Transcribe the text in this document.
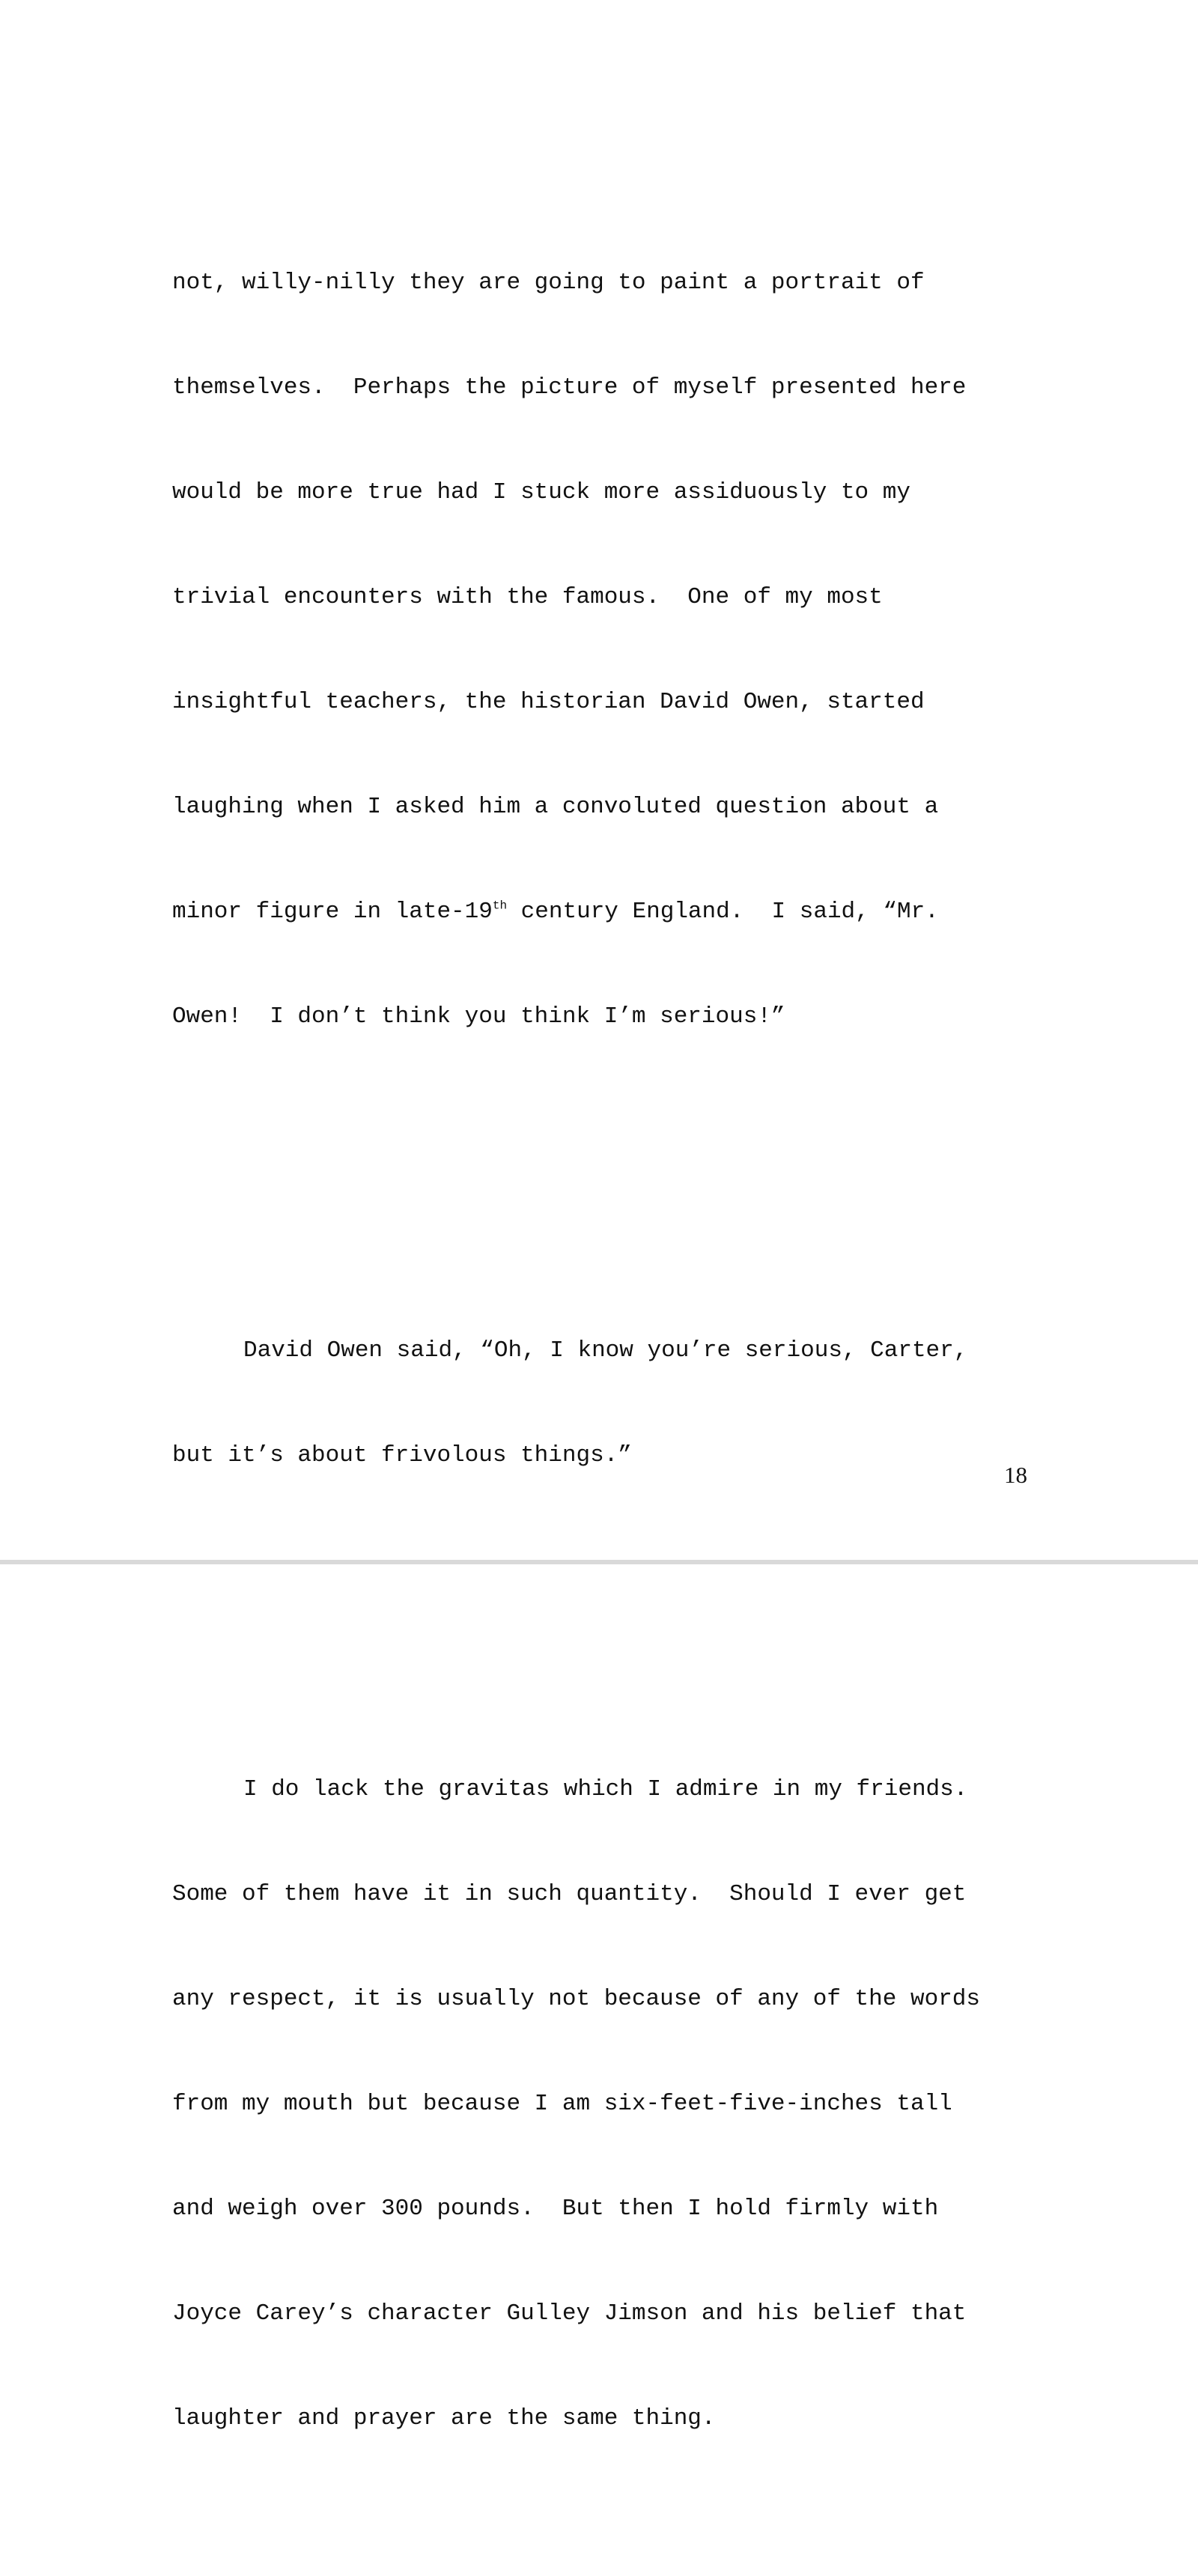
not, willy-nilly they are going to paint a portrait of

themselves.  Perhaps the picture of myself presented here

would be more true had I stuck more assiduously to my

trivial encounters with the famous.  One of my most

insightful teachers, the historian David Owen, started

laughing when I asked him a convoluted question about a

minor figure in late-19th century England.  I said, “Mr.

Owen!  I don’t think you think I’m serious!”

David Owen said, “Oh, I know you’re serious, Carter,

but it’s about frivolous things.”

I do lack the gravitas which I admire in my friends.

Some of them have it in such quantity.  Should I ever get

any respect, it is usually not because of any of the words

from my mouth but because I am six-feet-five-inches tall

and weigh over 300 pounds.  But then I hold firmly with

Joyce Carey’s character Gulley Jimson and his belief that

laughter and prayer are the same thing.

18
